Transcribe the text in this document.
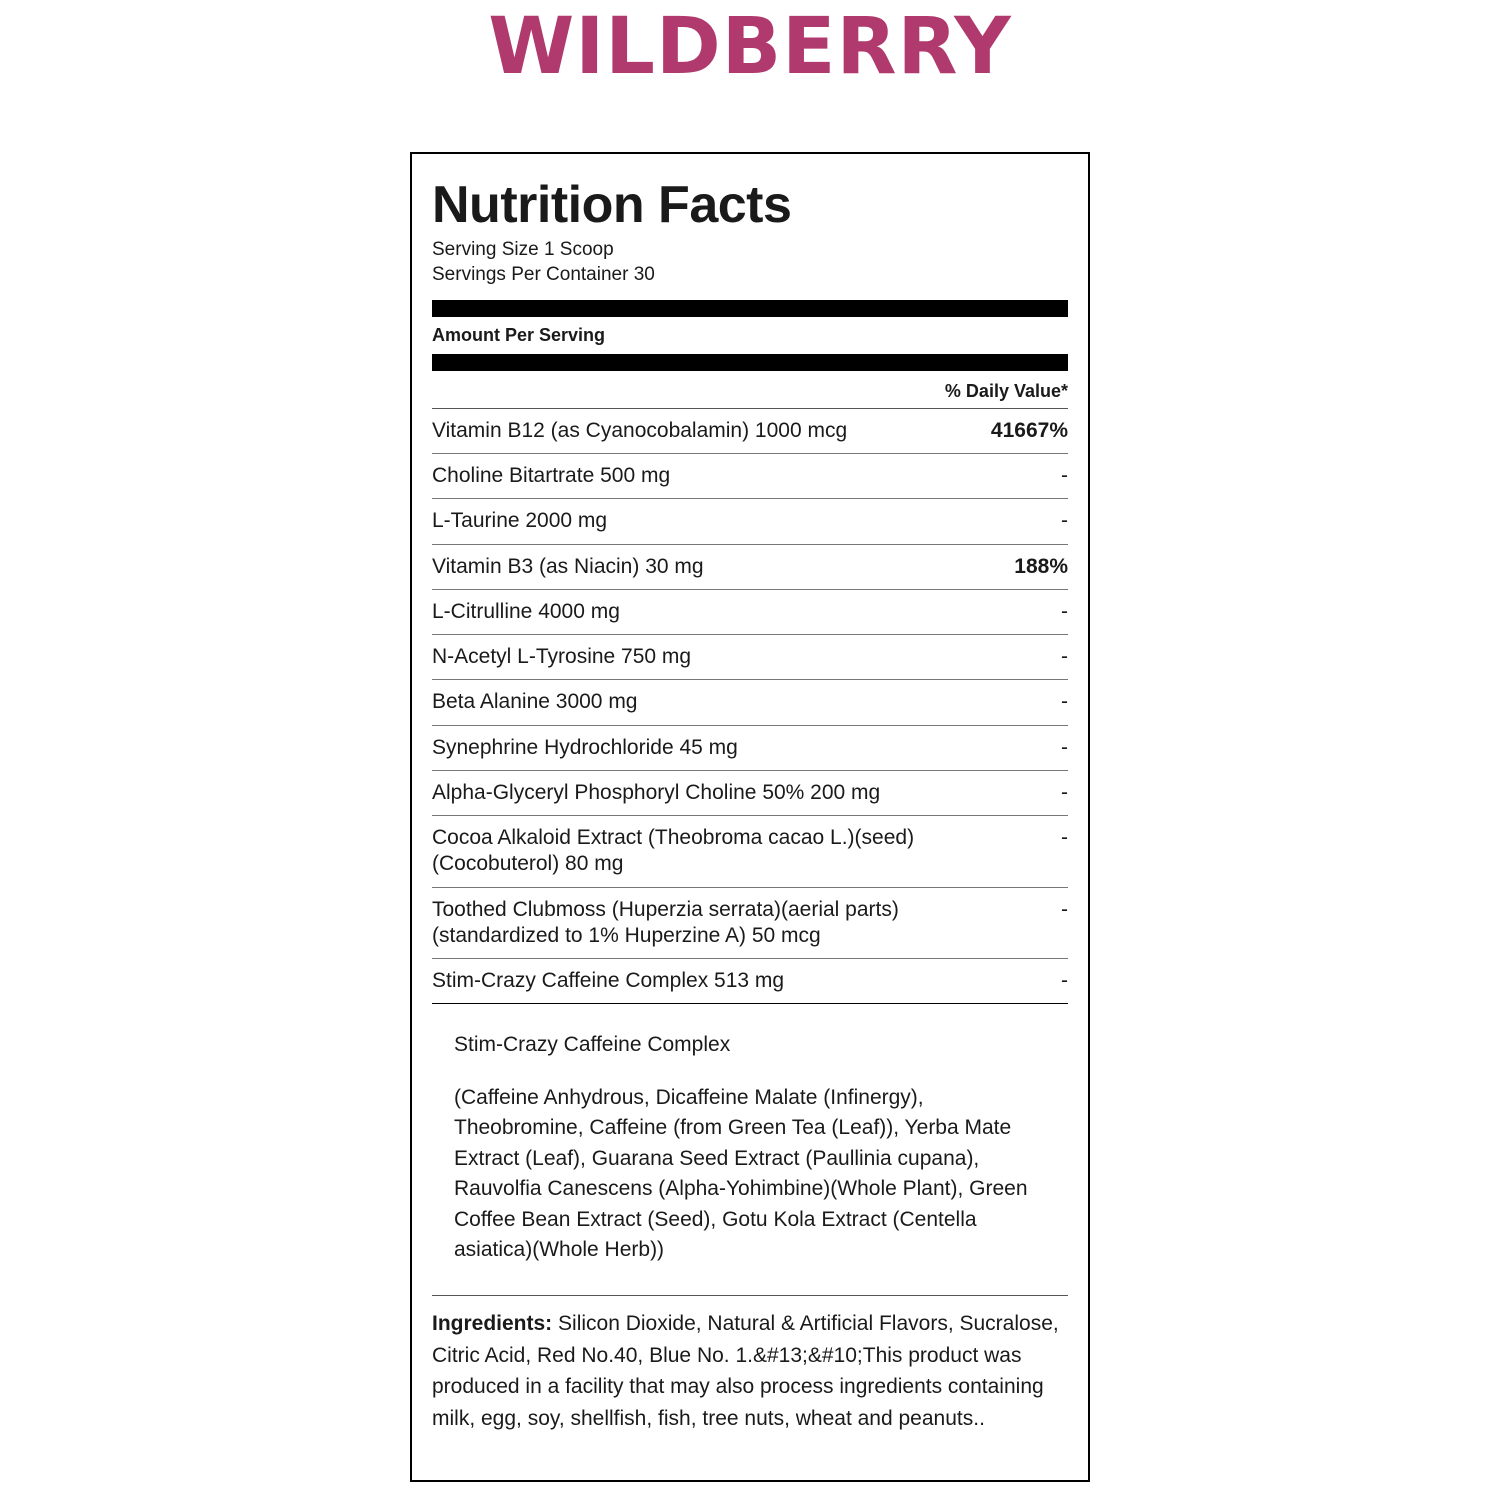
WILDBERRY
Nutrition Facts
Serving Size 1 Scoop
Servings Per Container 30
Amount Per Serving
% Daily Value*
Vitamin B12 (as Cyanocobalamin) 1000 mcg	41667%
Choline Bitartrate 500 mg	-
L-Taurine 2000 mg	-
Vitamin B3 (as Niacin) 30 mg	188%
L-Citrulline 4000 mg	-
N-Acetyl L-Tyrosine 750 mg	-
Beta Alanine 3000 mg	-
Synephrine Hydrochloride 45 mg	-
Alpha-Glyceryl Phosphoryl Choline 50% 200 mg	-
Cocoa Alkaloid Extract (Theobroma cacao L.)(seed) (Cocobuterol) 80 mg	-
Toothed Clubmoss (Huperzia serrata)(aerial parts) (standardized to 1% Huperzine A) 50 mcg	-
Stim-Crazy Caffeine Complex 513 mg	-
Stim-Crazy Caffeine Complex
(Caffeine Anhydrous, Dicaffeine Malate (Infinergy), Theobromine, Caffeine (from Green Tea (Leaf)), Yerba Mate Extract (Leaf), Guarana Seed Extract (Paullinia cupana), Rauvolfia Canescens (Alpha-Yohimbine)(Whole Plant), Green Coffee Bean Extract (Seed), Gotu Kola Extract (Centella asiatica)(Whole Herb))
Ingredients: Silicon Dioxide, Natural & Artificial Flavors, Sucralose, Citric Acid, Red No.40, Blue No. 1.&#13;&#10;This product was produced in a facility that may also process ingredients containing milk, egg, soy, shellfish, fish, tree nuts, wheat and peanuts..
